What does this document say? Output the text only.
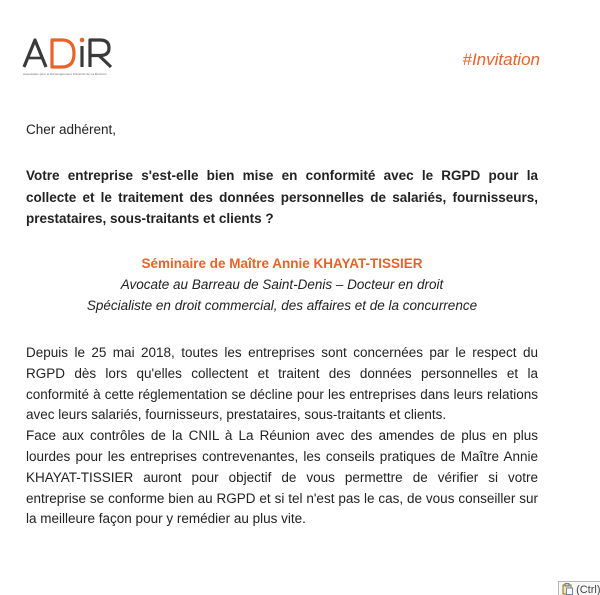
Association pour le Développement Industriel de La Réunion
#Invitation
Cher adhérent,
Votre entreprise s'est-elle bien mise en conformité avec le RGPD pour la collecte et le traitement des données personnelles de salariés, fournisseurs, prestataires, sous-traitants et clients ?
Séminaire de Maître Annie KHAYAT-TISSIER
Avocate au Barreau de Saint-Denis – Docteur en droit
Spécialiste en droit commercial, des affaires et de la concurrence

Depuis le 25 mai 2018, toutes les entreprises sont concernées par le respect du RGPD dès lors qu'elles collectent et traitent des données personnelles et la conformité à cette réglementation se décline pour les entreprises dans leurs relations avec leurs salariés, fournisseurs, prestataires, sous-traitants et clients.

Face aux contrôles de la CNIL à La Réunion avec des amendes de plus en plus lourdes pour les entreprises contrevenantes, les conseils pratiques de Maître Annie KHAYAT-TISSIER auront pour objectif de vous permettre de vérifier si votre entreprise se conforme bien au RGPD et si tel n'est pas le cas, de vous conseiller sur la meilleure façon pour y remédier au plus vite.

(Ctrl)
